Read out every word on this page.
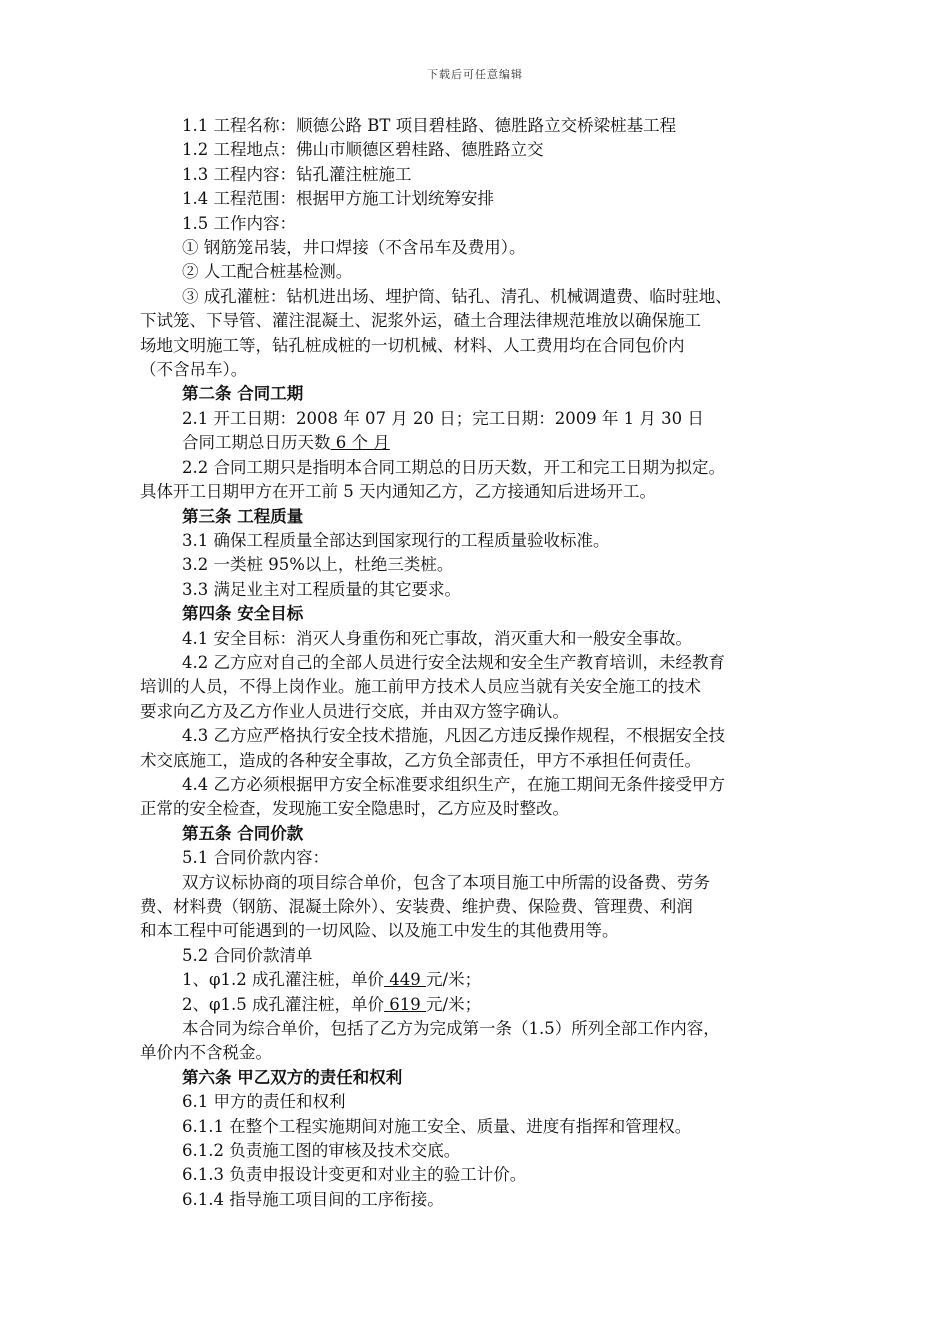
下载后可任意编辑
1.1 工程名称：顺德公路 BT 项目碧桂路、德胜路立交桥梁桩基工程
1.2 工程地点：佛山市顺德区碧桂路、德胜路立交
1.3 工程内容：钻孔灌注桩施工
1.4 工程范围：根据甲方施工计划统筹安排
1.5 工作内容：
① 钢筋笼吊装，井口焊接（不含吊车及费用）。
② 人工配合桩基检测。
③ 成孔灌桩：钻机进出场、埋护筒、钻孔、清孔、机械调遣费、临时驻地、
下试笼、下导管、灌注混凝土、泥浆外运，碴土合理法律规范堆放以确保施工
场地文明施工等，钻孔桩成桩的一切机械、材料、人工费用均在合同包价内
（不含吊车）。
第二条 合同工期
2.1 开工日期：2008 年 07 月 20 日；完工日期：2009 年 1 月 30 日
合同工期总日历天数 6 个 月
2.2 合同工期只是指明本合同工期总的日历天数，开工和完工日期为拟定。
具体开工日期甲方在开工前 5 天内通知乙方，乙方接通知后进场开工。
第三条 工程质量
3.1 确保工程质量全部达到国家现行的工程质量验收标准。
3.2 一类桩 95%以上，杜绝三类桩。
3.3 满足业主对工程质量的其它要求。
第四条 安全目标
4.1 安全目标：消灭人身重伤和死亡事故，消灭重大和一般安全事故。
4.2 乙方应对自己的全部人员进行安全法规和安全生产教育培训，未经教育
培训的人员，不得上岗作业。施工前甲方技术人员应当就有关安全施工的技术
要求向乙方及乙方作业人员进行交底，并由双方签字确认。
4.3 乙方应严格执行安全技术措施，凡因乙方违反操作规程，不根据安全技
术交底施工，造成的各种安全事故，乙方负全部责任，甲方不承担任何责任。
4.4 乙方必须根据甲方安全标准要求组织生产，在施工期间无条件接受甲方
正常的安全检查，发现施工安全隐患时，乙方应及时整改。
第五条 合同价款
5.1 合同价款内容：
双方议标协商的项目综合单价，包含了本项目施工中所需的设备费、劳务
费、材料费（钢筋、混凝土除外）、安装费、维护费、保险费、管理费、利润
和本工程中可能遇到的一切风险、以及施工中发生的其他费用等。
5.2 合同价款清单
1、φ1.2 成孔灌注桩，单价 449 元/米；
2、φ1.5 成孔灌注桩，单价 619 元/米；
本合同为综合单价，包括了乙方为完成第一条（1.5）所列全部工作内容，
单价内不含税金。
第六条 甲乙双方的责任和权利
6.1 甲方的责任和权利
6.1.1 在整个工程实施期间对施工安全、质量、进度有指挥和管理权。
6.1.2 负责施工图的审核及技术交底。
6.1.3 负责申报设计变更和对业主的验工计价。
6.1.4 指导施工项目间的工序衔接。
